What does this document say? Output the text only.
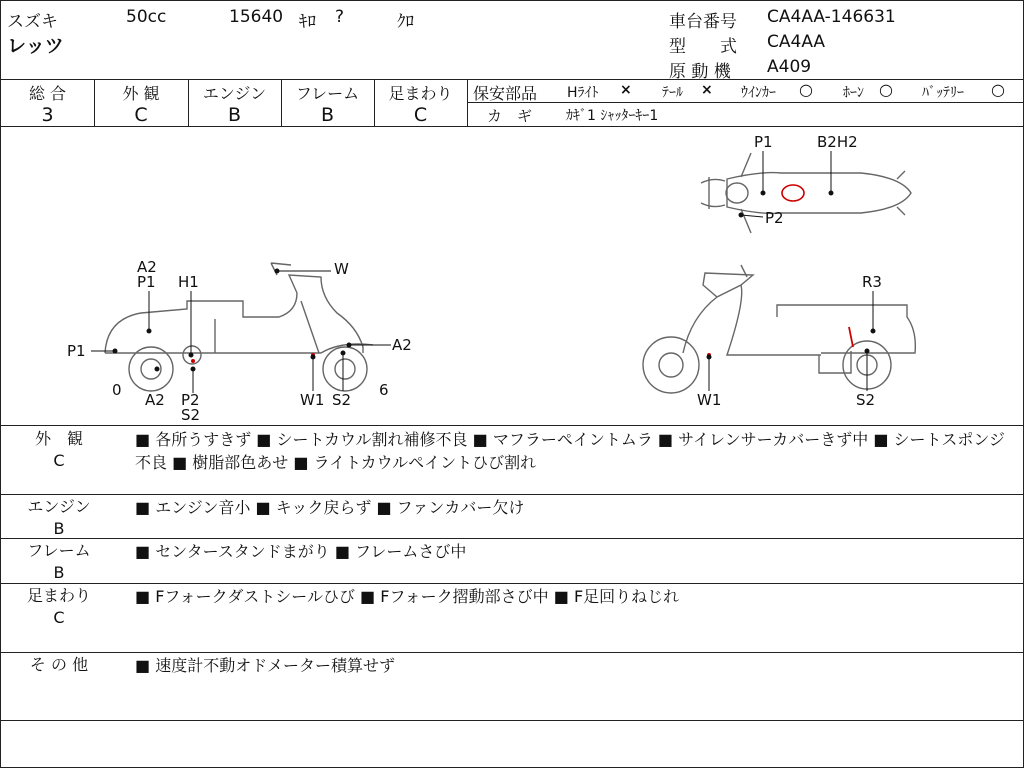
スズキ	50cc	15640 ｷﾛ ?	ｸﾛ
レッツ
車台番号 CA4AA-146631
型　　式 CA4AA
原 動 機 A409
総 合
3
外 観
C
エンジン
B
フレーム
B
足まわり
C
保安部品 Hﾗｲﾄ × ﾃｰﾙ × ｳｲﾝｶｰ ○ ﾎｰﾝ ○ ﾊﾞｯﾃﾘｰ ○
カ　ギ ｶｷﾞ1 ｼｬｯﾀｰｷｰ1
P1	B2H2
P2
A2
P1 H1
W
P1	A2
0
A2 P2
S2
W1 S2
6
R3
W1	S2
外　観
C
■ 各所うすきず ■ シートカウル割れ補修不良 ■ マフラーペイントムラ ■ サイレンサーカバーきず中 ■ シートスポンジ不良 ■ 樹脂部色あせ ■ ライトカウルペイントひび割れ
エンジン
B
■ エンジン音小 ■ キック戻らず ■ ファンカバー欠け
フレーム
B
■ センタースタンドまがり ■ フレームさび中
足まわり
C
■ Fフォークダストシールひび ■ Fフォーク摺動部さび中 ■ F足回りねじれ
そ の 他	■ 速度計不動オドメーター積算せず
